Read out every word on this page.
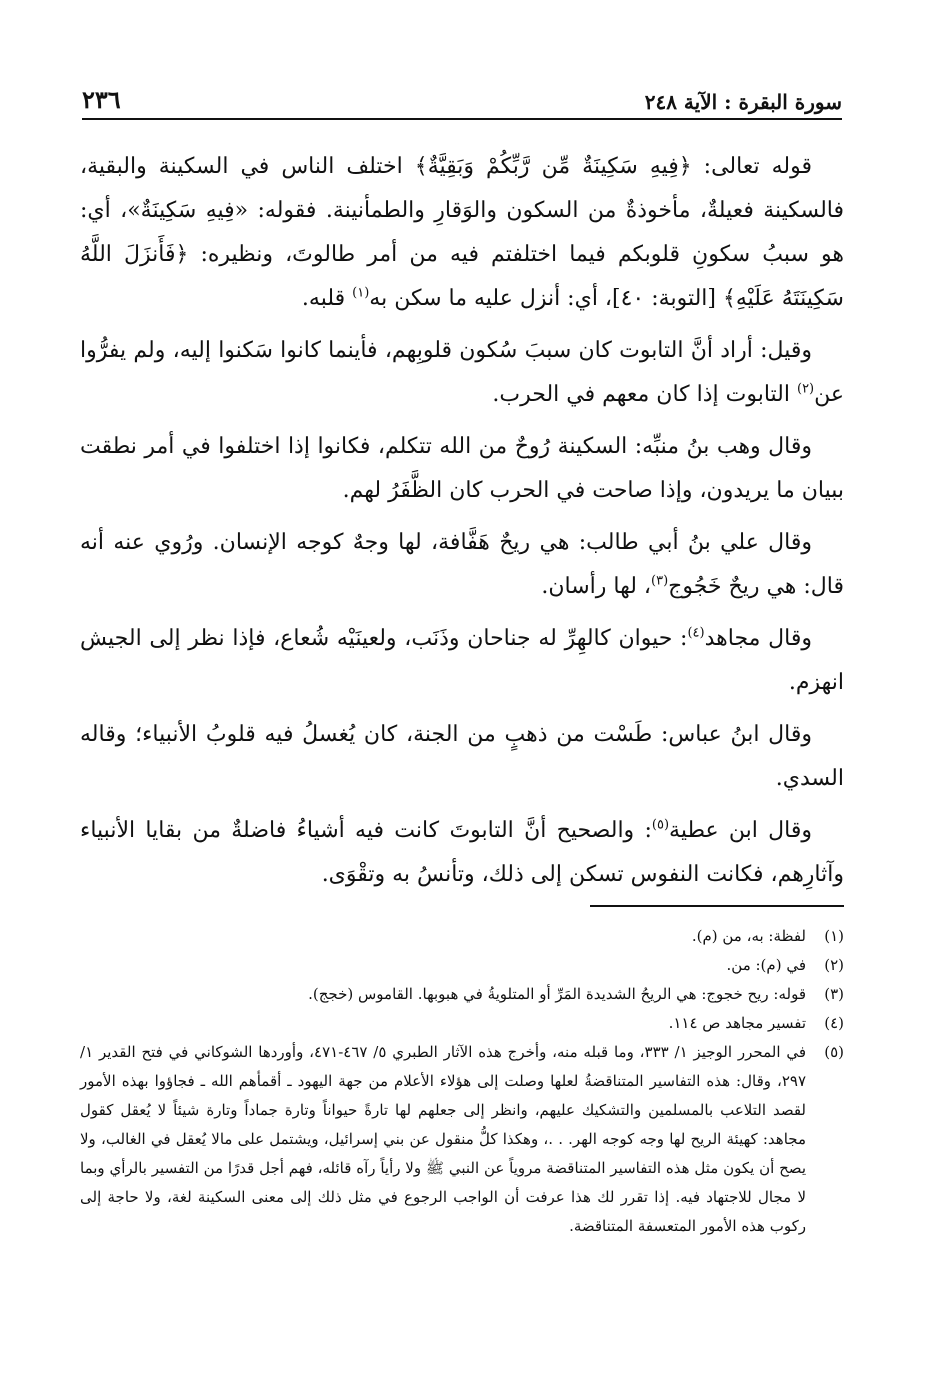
سورة البقرة : الآية ٢٤٨
٢٣٦

قوله تعالى: ﴿فِيهِ سَكِينَةٌ مِّن رَّبِّكُمْ وَبَقِيَّةٌ﴾ اختلف الناس في السكينة والبقية، فالسكينة فعيلةٌ، مأخوذةٌ من السكون والوَقارِ والطمأنينة. فقوله: «فِيهِ سَكِينَةٌ»، أي: هو سببُ سكونِ قلوبكم فيما اختلفتم فيه من أمر طالوتَ، ونظيره: ﴿فَأَنزَلَ اللَّهُ سَكِينَتَهُ عَلَيْهِ﴾ [التوبة: ٤٠]، أي: أنزل عليه ما سكن به$^{(١)}$ قلبه.

وقيل: أراد أنَّ التابوت كان سببَ سُكون قلوبِهم، فأينما كانوا سَكنوا إليه، ولم يفرُّوا عن$^{(٢)}$ التابوت إذا كان معهم في الحرب.

وقال وهب بنُ منبِّه: السكينة رُوحٌ من الله تتكلم، فكانوا إذا اختلفوا في أمر نطقت ببيان ما يريدون، وإذا صاحت في الحرب كان الظَّفَرُ لهم.

وقال علي بنُ أبي طالب: هي ريحٌ هَفَّافة، لها وجهٌ كوجه الإنسان. ورُوي عنه أنه قال: هي ريحٌ خَجُوج$^{(٣)}$، لها رأسان.

وقال مجاهد$^{(٤)}$: حيوان كالهِرِّ له جناحان وذَنَب، ولعينَيْه شُعاع، فإذا نظر إلى الجيش انهزم.

وقال ابنُ عباس: طَسْت من ذهبٍ من الجنة، كان يُغسلُ فيه قلوبُ الأنبياء؛ وقاله السدي.

وقال ابن عطية$^{(٥)}$: والصحيح أنَّ التابوتَ كانت فيه أشياءُ فاضلةٌ من بقايا الأنبياء وآثارِهم، فكانت النفوس تسكن إلى ذلك، وتأنسُ به وتقْوَى.

(١)
لفظة: به، من (م).
(٢)
في (م): من.
(٣)
قوله: ريح خجوج: هي الريحُ الشديدة المَرِّ أو المتلويةُ في هبوبها. القاموس (خجج).
(٤)
تفسير مجاهد ص ١١٤.
(٥)
في المحرر الوجيز ١/ ٣٣٣، وما قبله منه، وأخرج هذه الآثار الطبري ٥/ ٤٦٧-٤٧١، وأوردها الشوكاني في فتح القدير ١/ ٢٩٧، وقال: هذه التفاسير المتناقضةُ لعلها وصلت إلى هؤلاء الأعلام من جهة اليهود ـ أقمأهم الله ـ فجاؤوا بهذه الأمور لقصد التلاعب بالمسلمين والتشكيك عليهم، وانظر إلى جعلهم لها تارةً حيواناً وتارة جماداً وتارة شيئاً لا يُعقل كقول مجاهد: كهيئة الريح لها وجه كوجه الهر. . .، وهكذا كلُّ منقول عن بني إسرائيل، ويشتمل على مالا يُعقل في الغالب، ولا يصح أن يكون مثل هذه التفاسير المتناقضة مروياً عن النبي ﷺ ولا رأياً رآه قائله، فهم أجل قدرًا من التفسير بالرأي وبما لا مجال للاجتهاد فيه. إذا تقرر لك هذا عرفت أن الواجب الرجوع في مثل ذلك إلى معنى السكينة لغة، ولا حاجة إلى ركوب هذه الأمور المتعسفة المتناقضة.
